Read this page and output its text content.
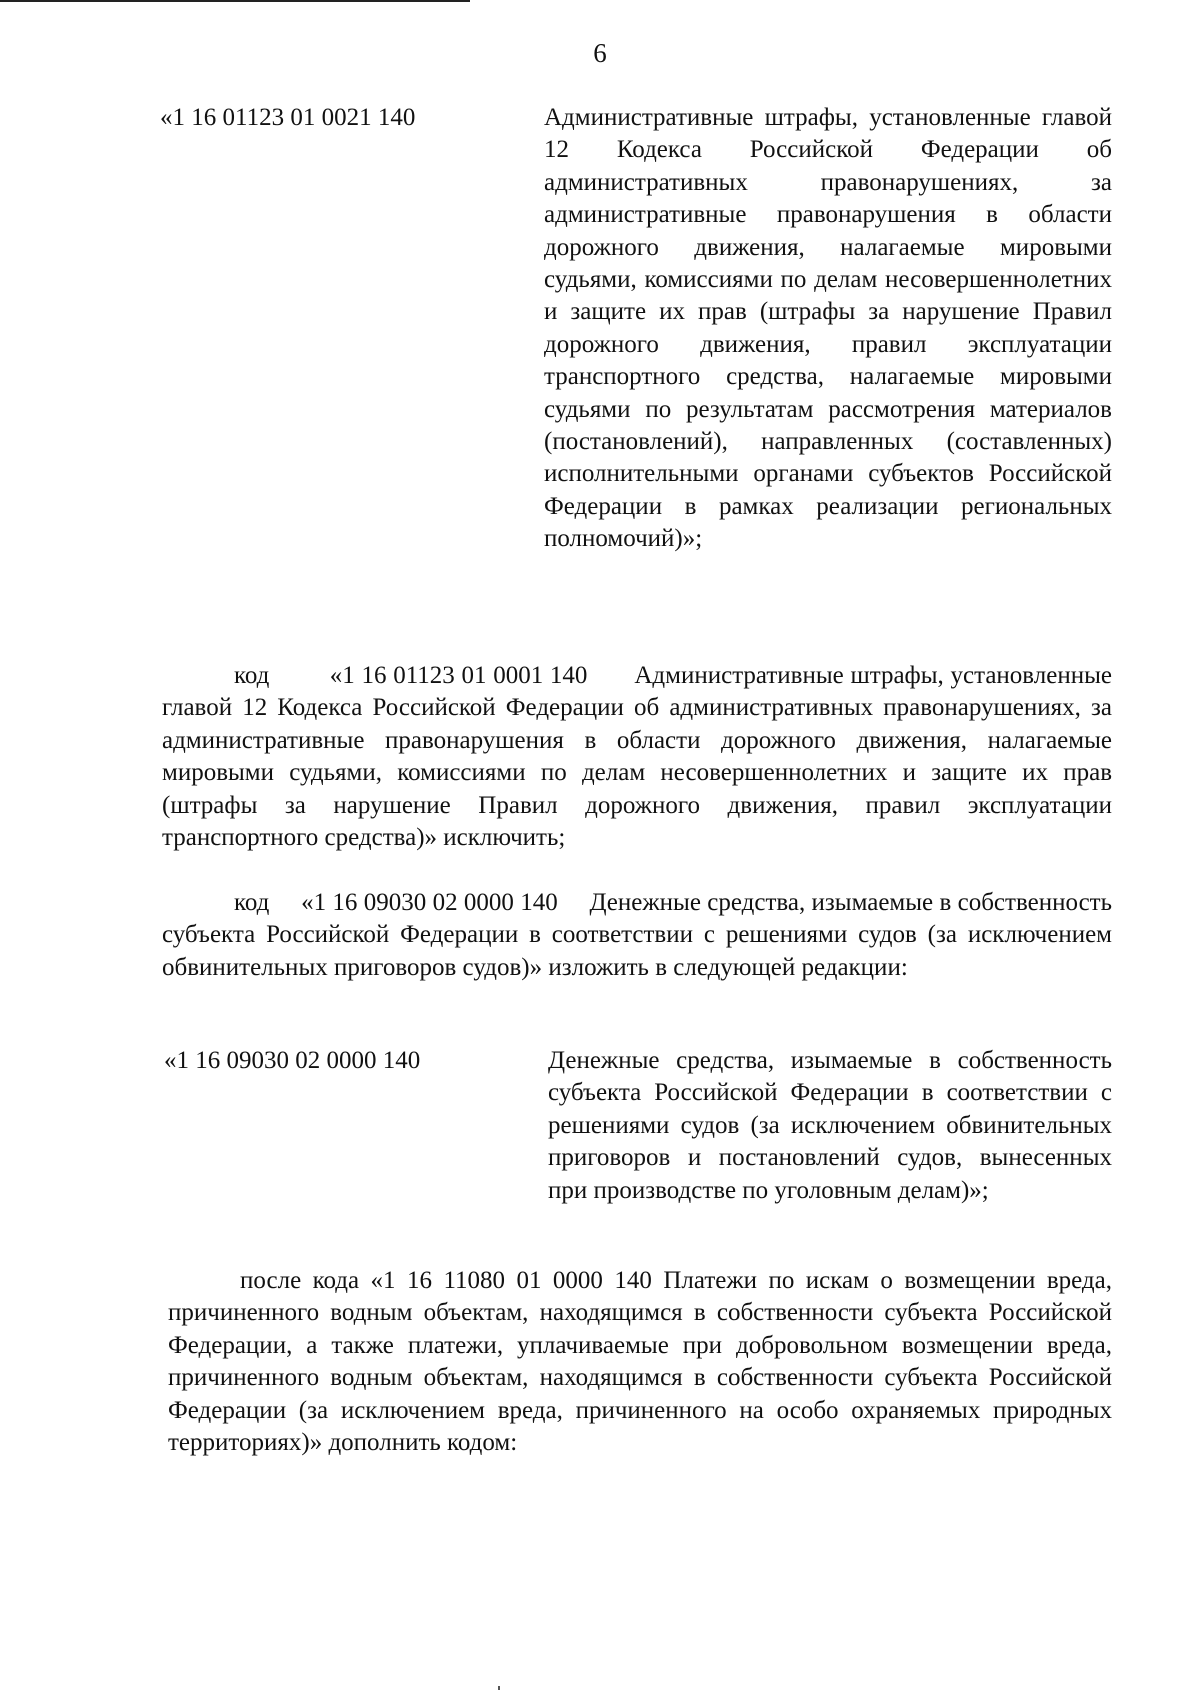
6
«1 16 01123 01 0021 140	Административные штрафы, установленные главой 12 Кодекса Российской Федерации об административных правонарушениях, за административные правонарушения в области дорожного движения, налагаемые мировыми судьями, комиссиями по делам несовершеннолетних и защите их прав (штрафы за нарушение Правил дорожного движения, правил эксплуатации транспортного средства, налагаемые мировыми судьями по результатам рассмотрения материалов (постановлений), направленных (составленных) исполнительными органами субъектов Российской Федерации в рамках реализации региональных полномочий)»;
код «1 16 01123 01 0001 140 Административные штрафы, установленные главой 12 Кодекса Российской Федерации об административных правонарушениях, за административные правонарушения в области дорожного движения, налагаемые мировыми судьями, комиссиями по делам несовершеннолетних и защите их прав (штрафы за нарушение Правил дорожного движения, правил эксплуатации транспортного средства)» исключить;
код «1 16 09030 02 0000 140 Денежные средства, изымаемые в собственность субъекта Российской Федерации в соответствии с решениями судов (за исключением обвинительных приговоров судов)» изложить в следующей редакции:
«1 16 09030 02 0000 140	Денежные средства, изымаемые в собственность субъекта Российской Федерации в соответствии с решениями судов (за исключением обвинительных приговоров и постановлений судов, вынесенных при производстве по уголовным делам)»;
после кода «1 16 11080 01 0000 140 Платежи по искам о возмещении вреда, причиненного водным объектам, находящимся в собственности субъекта Российской Федерации, а также платежи, уплачиваемые при добровольном возмещении вреда, причиненного водным объектам, находящимся в собственности субъекта Российской Федерации (за исключением вреда, причиненного на особо охраняемых природных территориях)» дополнить кодом:
